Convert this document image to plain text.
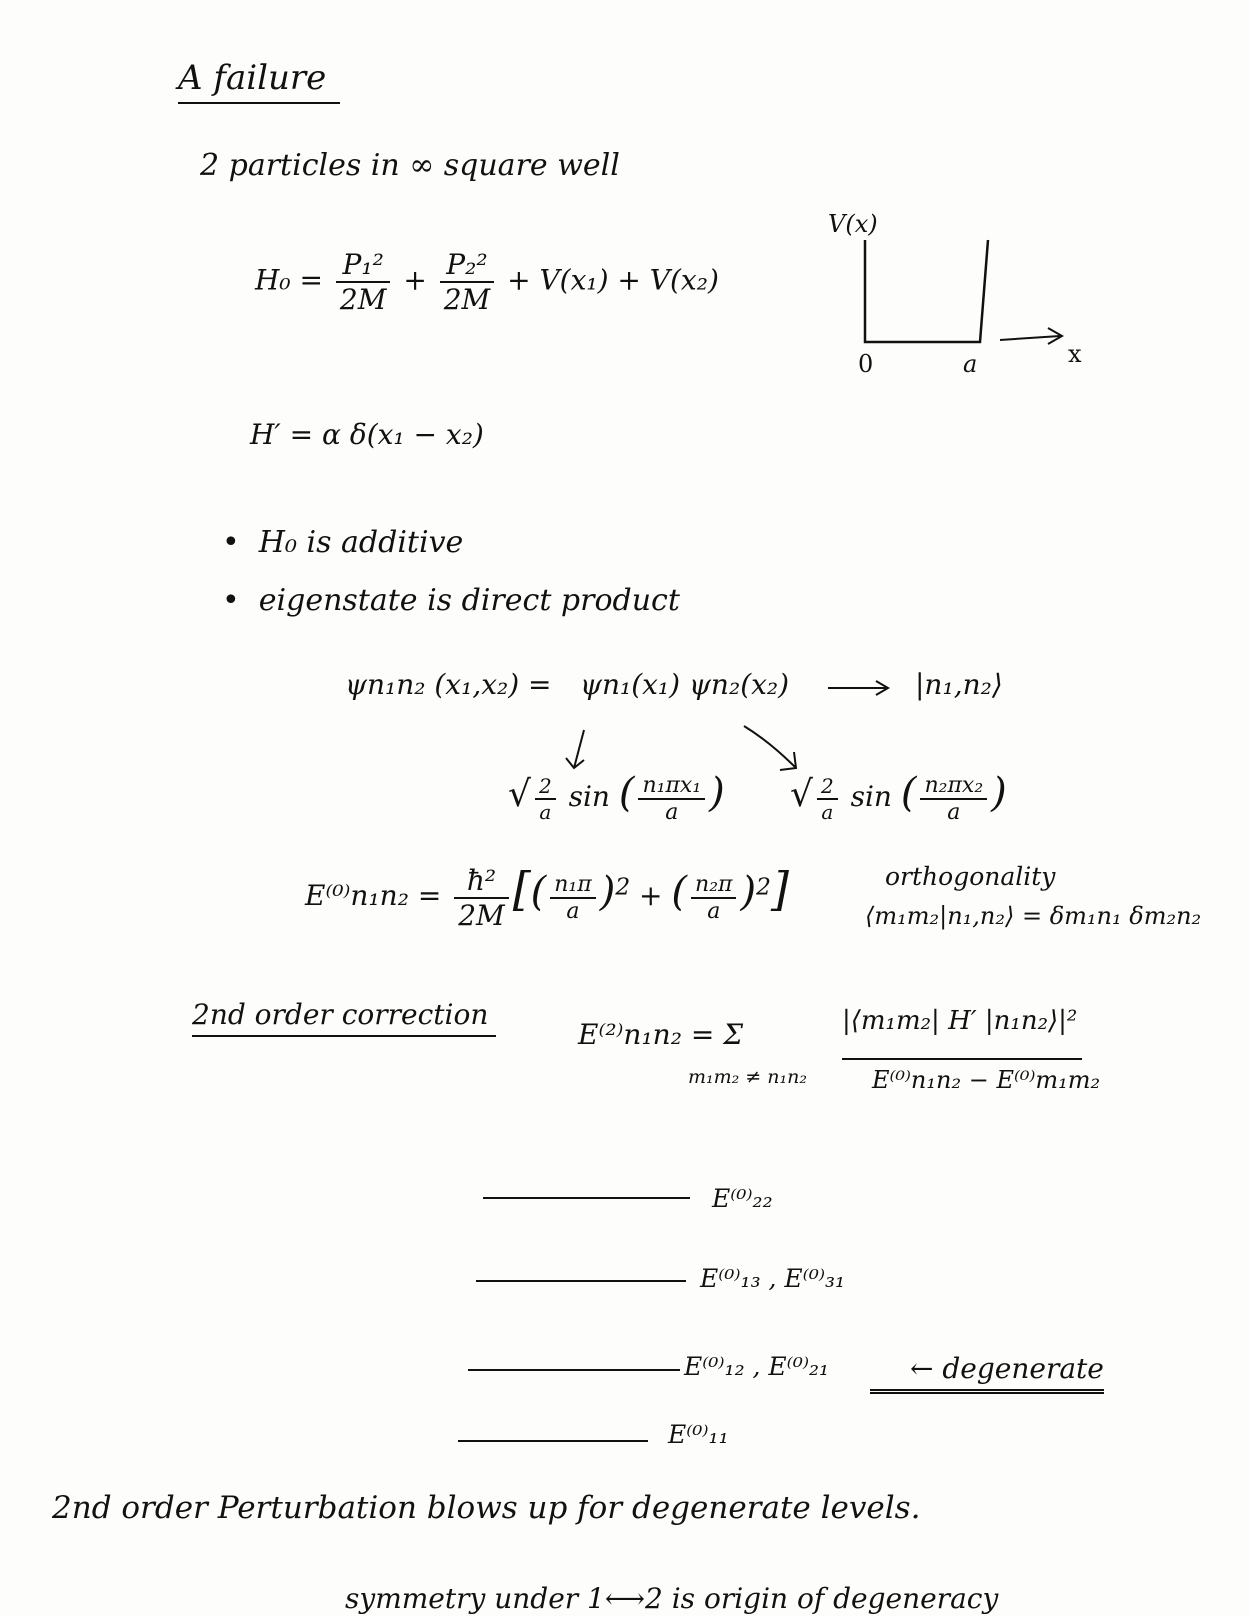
A failure
2 particles in ∞ square well
$H_0 = \frac{\text{P₁²}}{2M} + \frac{\text{P₂²}}{2M} + V(x_1) + V(x_2)$
V(x)
0	a	x
H′ = α δ(x₁ − x₂)
•  H₀ is additive
•  eigenstate is direct product
ψn₁n₂ (x₁,x₂) = ψn₁(x₁) ψn₂(x₂)	|n₁,n₂⟩
√ $\frac{2}{a}$ sin ( $\frac{\text{n₁πx₁}}{a}$ ) √ $\frac{2}{a}$ sin ( $\frac{\text{n₂πx₂}}{a}$ )
$E^{(0)}n_1n_2 = \frac{\text{ħ²}}{2M}$ [( $\frac{\text{n₁π}}{a} )^2$ + ( $\frac{\text{n₂π}}{a} )^2$]	orthogonality
⟨m₁m₂|n₁,n₂⟩ = δm₁n₁ δm₂n₂
2nd order correction
E⁽²⁾n₁n₂ = Σ
m₁m₂ ≠ n₁n₂
|⟨m₁m₂| H′ |n₁n₂⟩|²
E⁽⁰⁾n₁n₂ − E⁽⁰⁾m₁m₂
E⁽⁰⁾₂₂
E⁽⁰⁾₁₃ , E⁽⁰⁾₃₁
E⁽⁰⁾₁₂ , E⁽⁰⁾₂₁	← degenerate
E⁽⁰⁾₁₁
2nd order Perturbation blows up for degenerate levels.
symmetry under 1⟷2 is origin of degeneracy
